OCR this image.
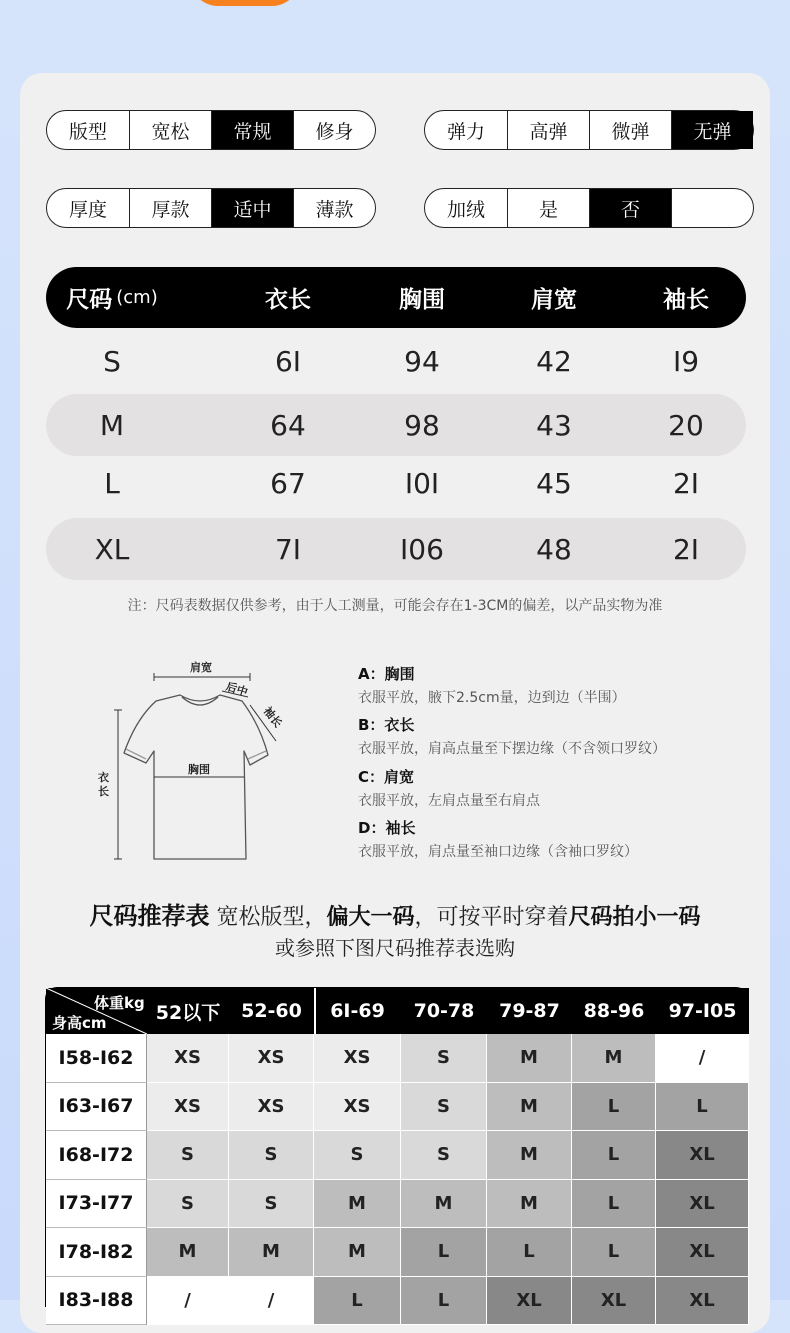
版型	宽松	常规	修身	弹力	高弹	微弹	无弹
厚度	厚款	适中	薄款	加绒	是	否
尺码 (cm)	衣长	胸围	肩宽	袖长
S	6I	94	42	I9
M	64	98	43	20
L	67	I0I	45	2I
XL	7I	I06	48	2I
注：尺码表数据仅供参考，由于人工测量，可能会存在1-3CM的偏差，以产品实物为准
肩宽
后中
袖长
胸围
衣长
A：胸围
衣服平放，腋下2.5cm量，边到边（半围）
B：衣长
衣服平放，肩高点量至下摆边缘（不含领口罗纹）
C：肩宽
衣服平放，左肩点量至右肩点
D：袖长
衣服平放，肩点量至袖口边缘（含袖口罗纹）
尺码推荐表 宽松版型，偏大一码，可按平时穿着尺码拍小一码
或参照下图尺码推荐表选购
体重kg
身高cm	52以下	52-60	6I-69	70-78	79-87	88-96	97-I05
I58-I62	XS	XS	XS	S	M	M	/
I63-I67	XS	XS	XS	S	M	L	L
I68-I72	S	S	S	S	M	L	XL
I73-I77	S	S	M	M	M	L	XL
I78-I82	M	M	M	L	L	L	XL
I83-I88	/	/	L	L	XL	XL	XL
